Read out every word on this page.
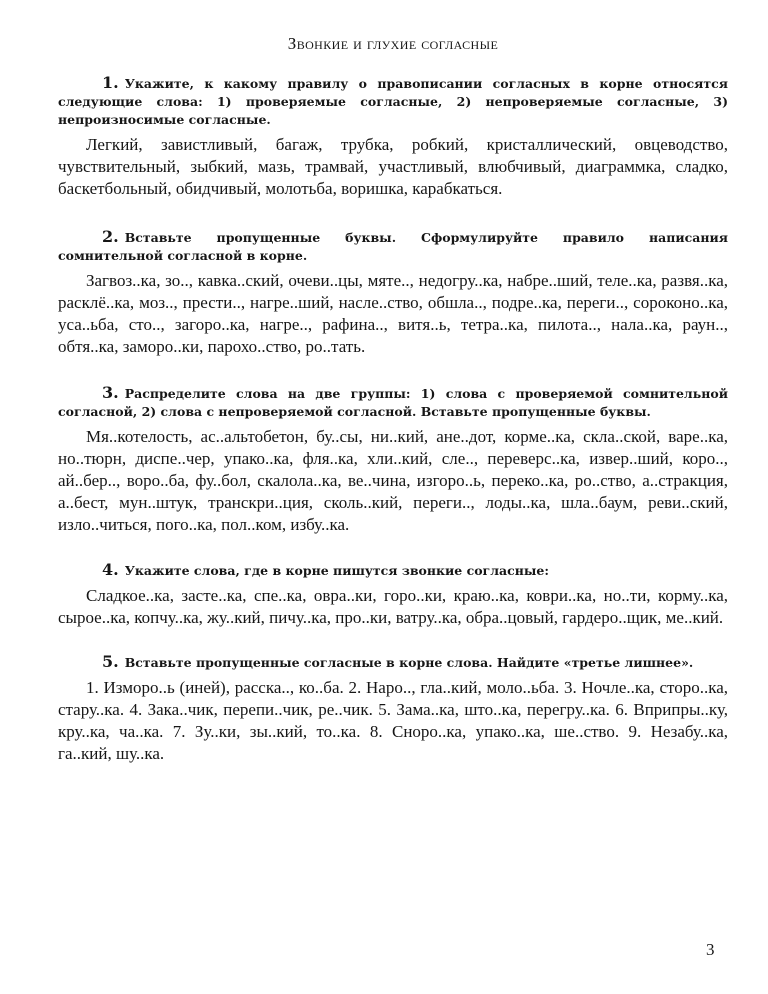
Звонкие и глухие согласные

1. Укажите, к какому правилу о правописании согласных в корне относятся следующие слова: 1) проверяемые согласные, 2) непроверяемые согласные, 3) непроизносимые согласные.

Легкий, завистливый, багаж, трубка, робкий, кристаллический, овцеводство, чувствительный, зыбкий, мазь, трамвай, участливый, влюбчивый, диаграммка, сладко, баскетбольный, обидчивый, молотьба, воришка, карабкаться.

2. Вставьте пропущенные буквы. Сформулируйте правило написания сомнительной согласной в корне.

Загвоз..ка, зо.., кавка..ский, очеви..цы, мяте.., недогру..ка, набре..ший, теле..ка, развя..ка, расклё..ка, моз.., прести.., нагре..ший, насле..ство, обшла.., подре..ка, переги.., сороконо..ка, уса..ьба, сто.., загоро..ка, нагре.., рафина.., витя..ь, тетра..ка, пилота.., нала..ка, раун.., обтя..ка, заморо..ки, парохо..ство, ро..тать.

3. Распределите слова на две группы: 1) слова с проверяемой сомнительной согласной, 2) слова с непроверяемой согласной. Вставьте пропущенные буквы.

Мя..котелость, ас..альтобетон, бу..сы, ни..кий, ане..дот, корме..ка, скла..ской, варе..ка, но..тюрн, диспе..чер, упако..ка, фля..ка, хли..кий, сле.., переверс..ка, извер..ший, коро.., ай..бер.., воро..ба, фу..бол, скалола..ка, ве..чина, изгоро..ь, переко..ка, ро..ство, а..стракция, а..бест, мун..штук, транскри..ция, сколь..кий, переги.., лоды..ка, шла..баум, реви..ский, изло..читься, пого..ка, пол..ком, избу..ка.

4. Укажите слова, где в корне пишутся звонкие согласные:

Сладкое..ка, засте..ка, спе..ка, овра..ки, горо..ки, краю..ка, коври..ка, но..ти, корму..ка, сырое..ка, копчу..ка, жу..кий, пичу..ка, про..ки, ватру..ка, обра..цовый, гардеро..щик, ме..кий.

5. Вставьте пропущенные согласные в корне слова. Найдите «третье лишнее».

1. Изморо..ь (иней), расска.., ко..ба. 2. Наро.., гла..кий, моло..ьба. 3. Ночле..ка, сторо..ка, стару..ка. 4. Зака..чик, перепи..чик, ре..чик. 5. Зама..ка, што..ка, перегру..ка. 6. Вприпры..ку, кру..ка, ча..ка. 7. Зу..ки, зы..кий, то..ка. 8. Сноро..ка, упако..ка, ше..ство. 9. Незабу..ка, га..кий, шу..ка.

3
